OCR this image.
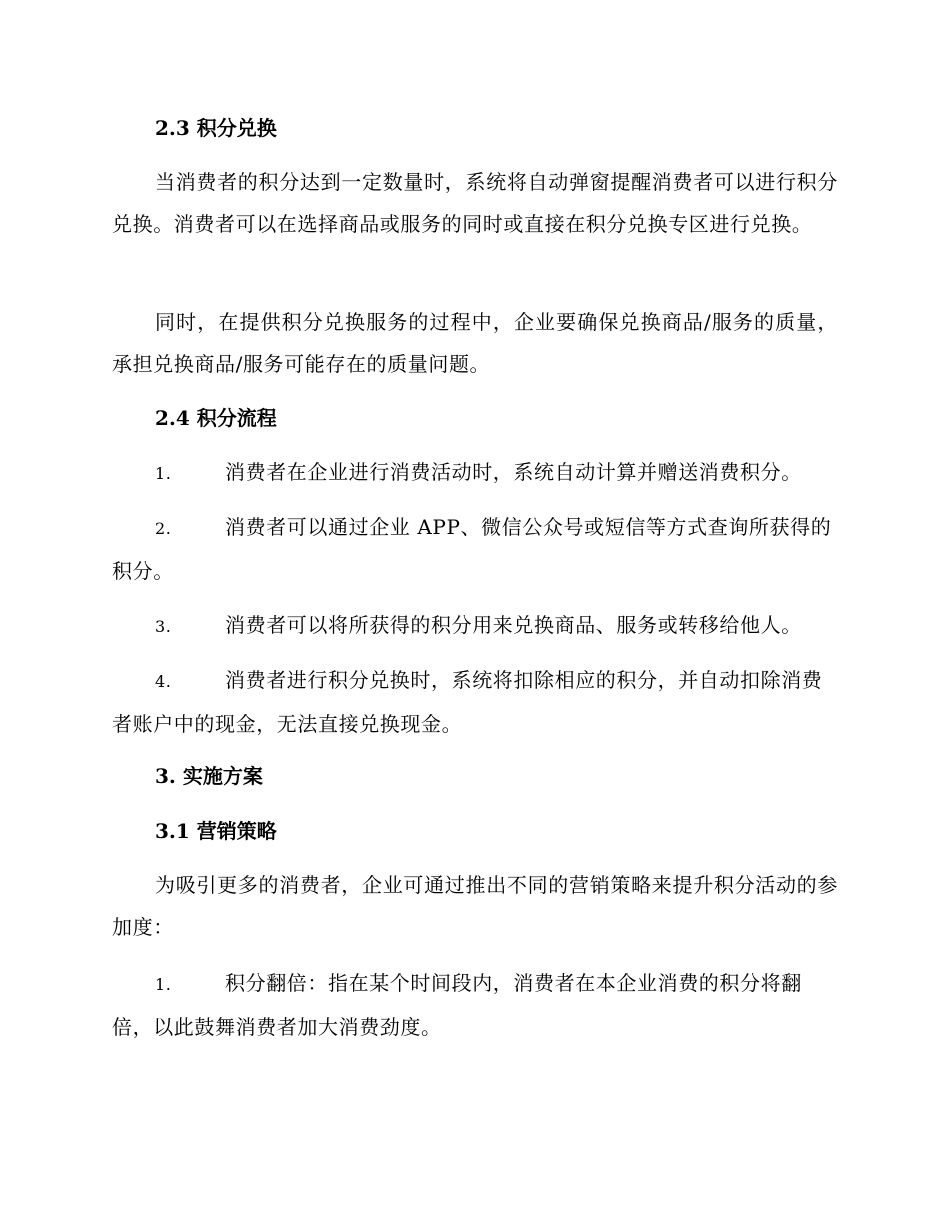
2.3 积分兑换

当消费者的积分达到一定数量时，系统将自动弹窗提醒消费者可以进行积分兑换。消费者可以在选择商品或服务的同时或直接在积分兑换专区进行兑换。

同时，在提供积分兑换服务的过程中，企业要确保兑换商品/服务的质量，承担兑换商品/服务可能存在的质量问题。

2.4 积分流程

1.	消费者在企业进行消费活动时，系统自动计算并赠送消费积分。

2.	消费者可以通过企业 APP、微信公众号或短信等方式查询所获得的积分。

3.	消费者可以将所获得的积分用来兑换商品、服务或转移给他人。

4.	消费者进行积分兑换时，系统将扣除相应的积分，并自动扣除消费者账户中的现金，无法直接兑换现金。

3. 实施方案
3.1 营销策略

为吸引更多的消费者，企业可通过推出不同的营销策略来提升积分活动的参加度：

1.	积分翻倍：指在某个时间段内，消费者在本企业消费的积分将翻倍，以此鼓舞消费者加大消费劲度。
